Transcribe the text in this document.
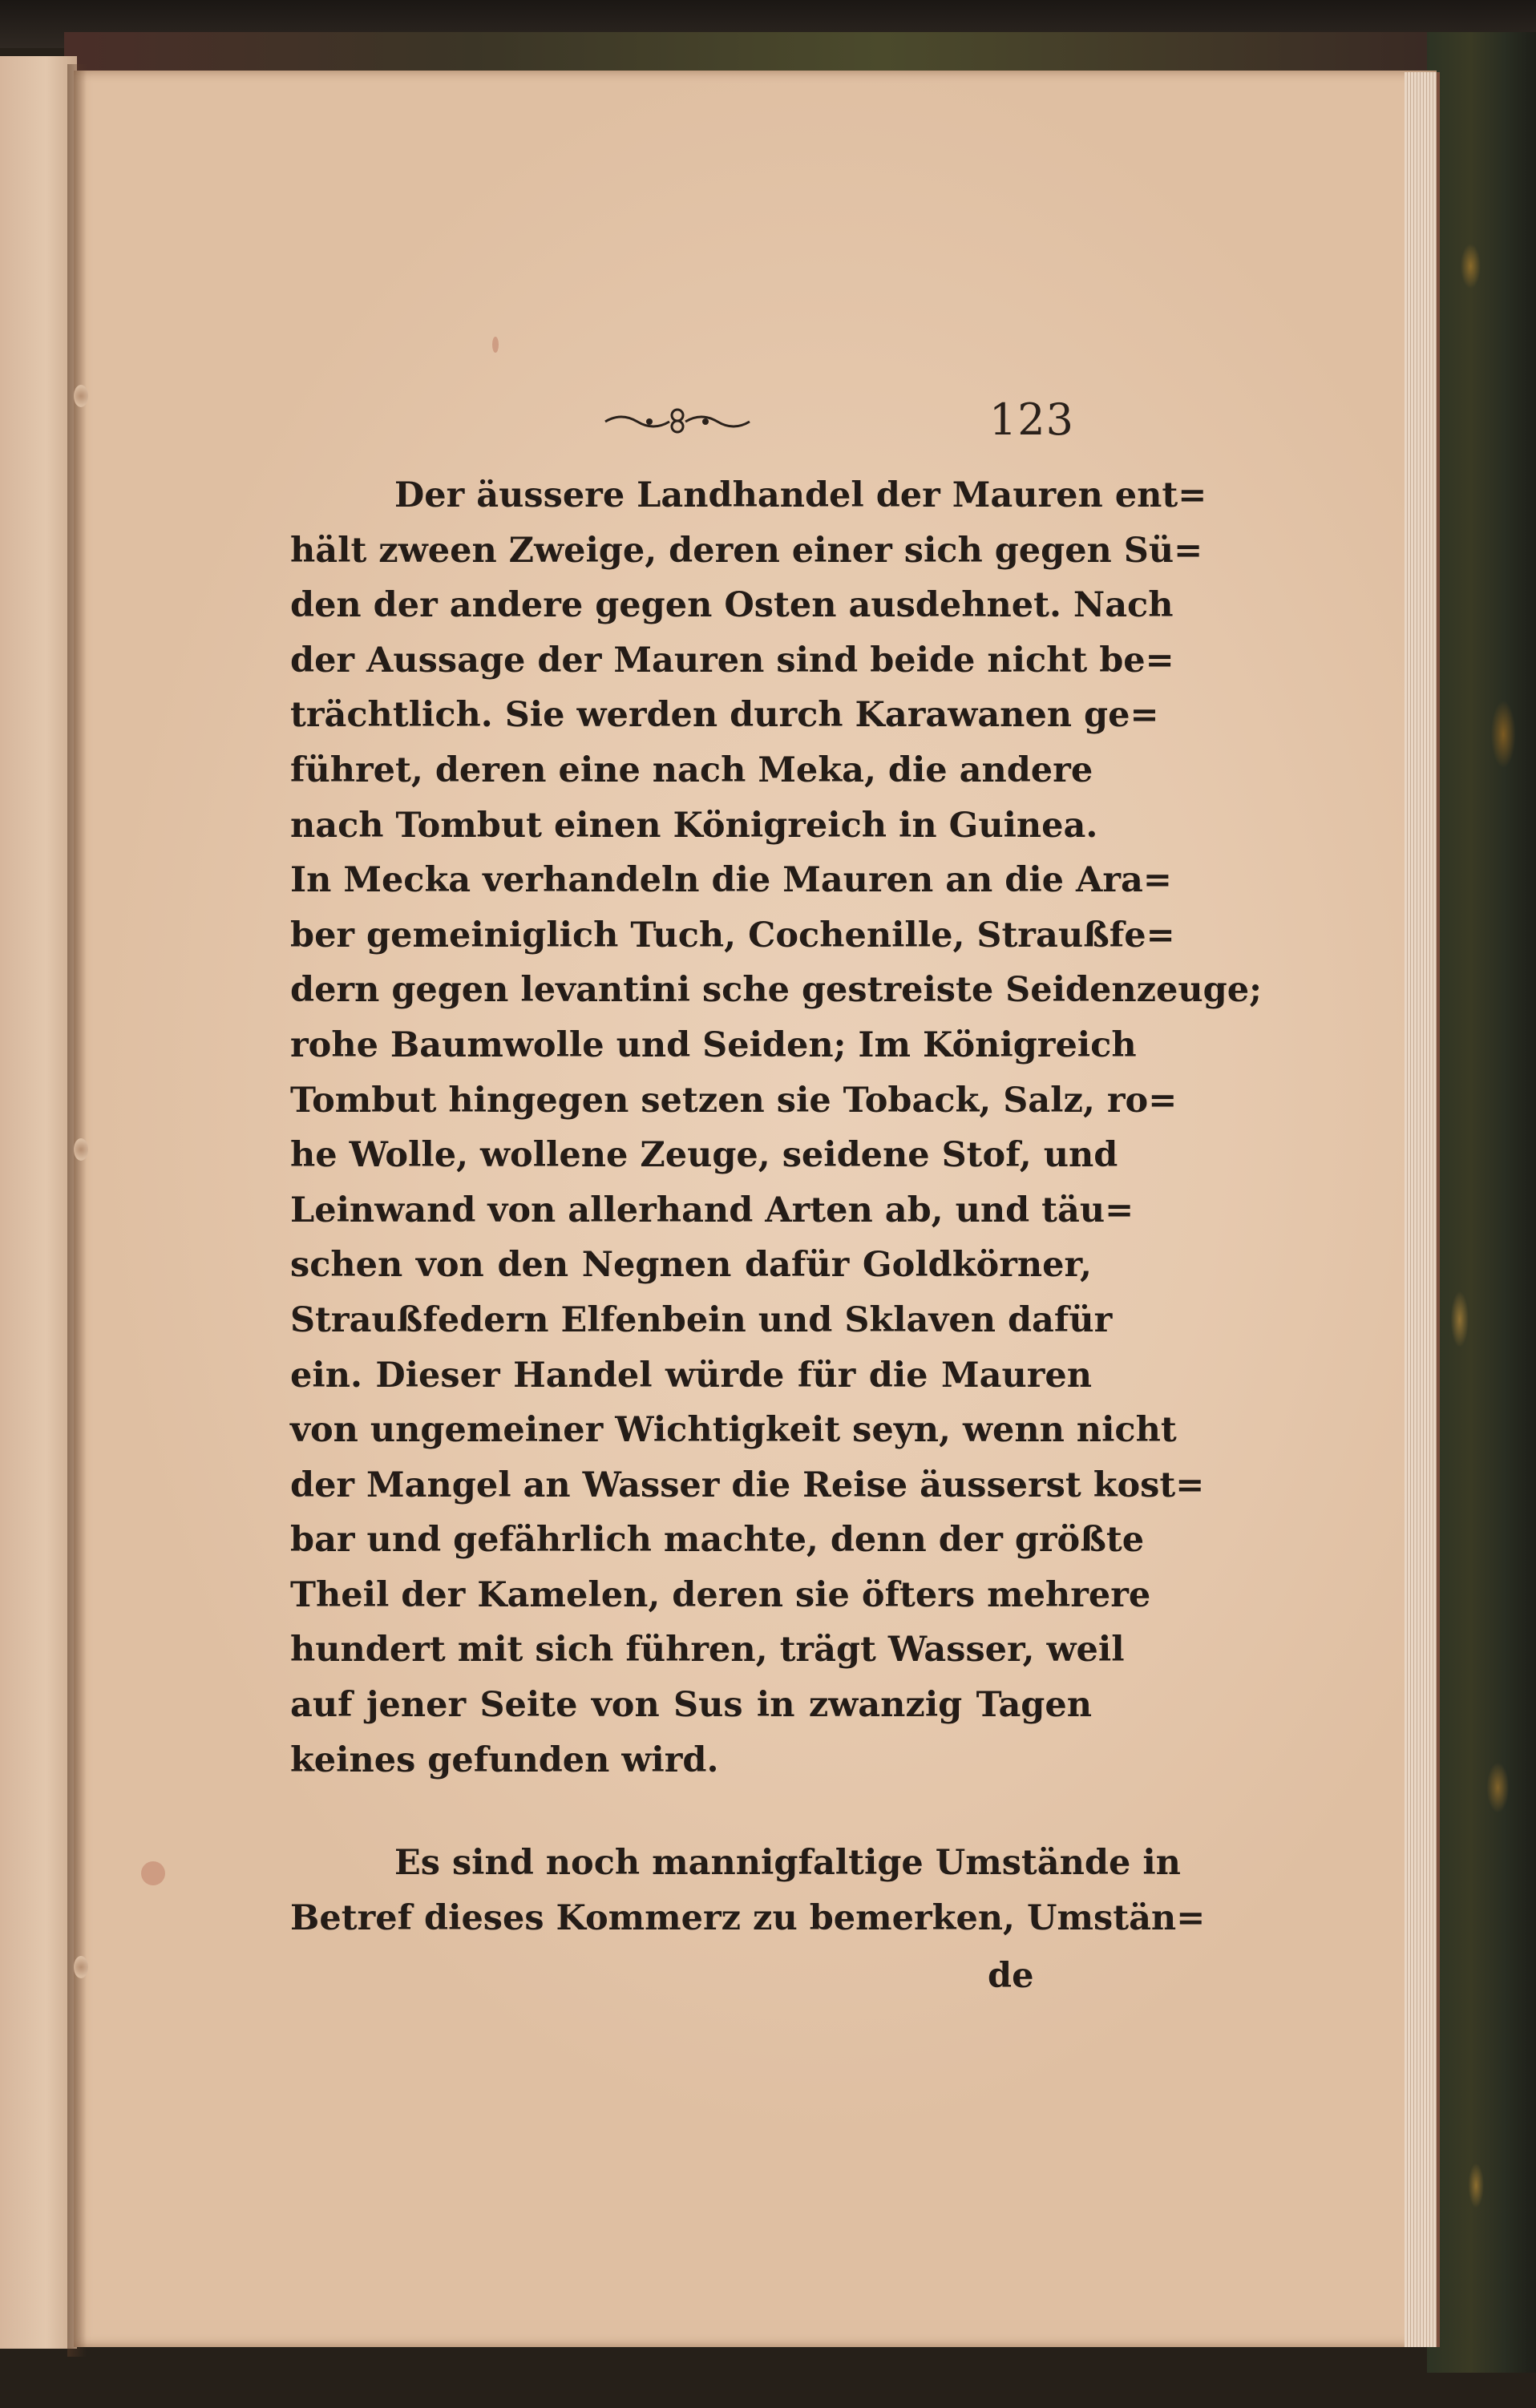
123
Der äussere Landhandel der Mauren ent=
hält zween Zweige, deren einer sich gegen Sü=
den der andere gegen Osten ausdehnet. Nach
der Aussage der Mauren sind beide nicht be=
trächtlich. Sie werden durch Karawanen ge=
führet, deren eine nach Meka, die andere
nach Tombut einen Königreich in Guinea.
In Mecka verhandeln die Mauren an die Ara=
ber gemeiniglich Tuch, Cochenille, Straußfe=
dern gegen levantini sche gestreiste Seidenzeuge;
rohe Baumwolle und Seiden; Im Königreich
Tombut hingegen setzen sie Toback, Salz, ro=
he Wolle, wollene Zeuge, seidene Stof, und
Leinwand von allerhand Arten ab, und täu=
schen von den Negnen dafür Goldkörner,
Straußfedern Elfenbein und Sklaven dafür
ein. Dieser Handel würde für die Mauren
von ungemeiner Wichtigkeit seyn, wenn nicht
der Mangel an Wasser die Reise äusserst kost=
bar und gefährlich machte, denn der größte
Theil der Kamelen, deren sie öfters mehrere
hundert mit sich führen, trägt Wasser, weil
auf jener Seite von Sus in zwanzig Tagen
keines gefunden wird.
Es sind noch mannigfaltige Umstände in
Betref dieses Kommerz zu bemerken, Umstän=
de
